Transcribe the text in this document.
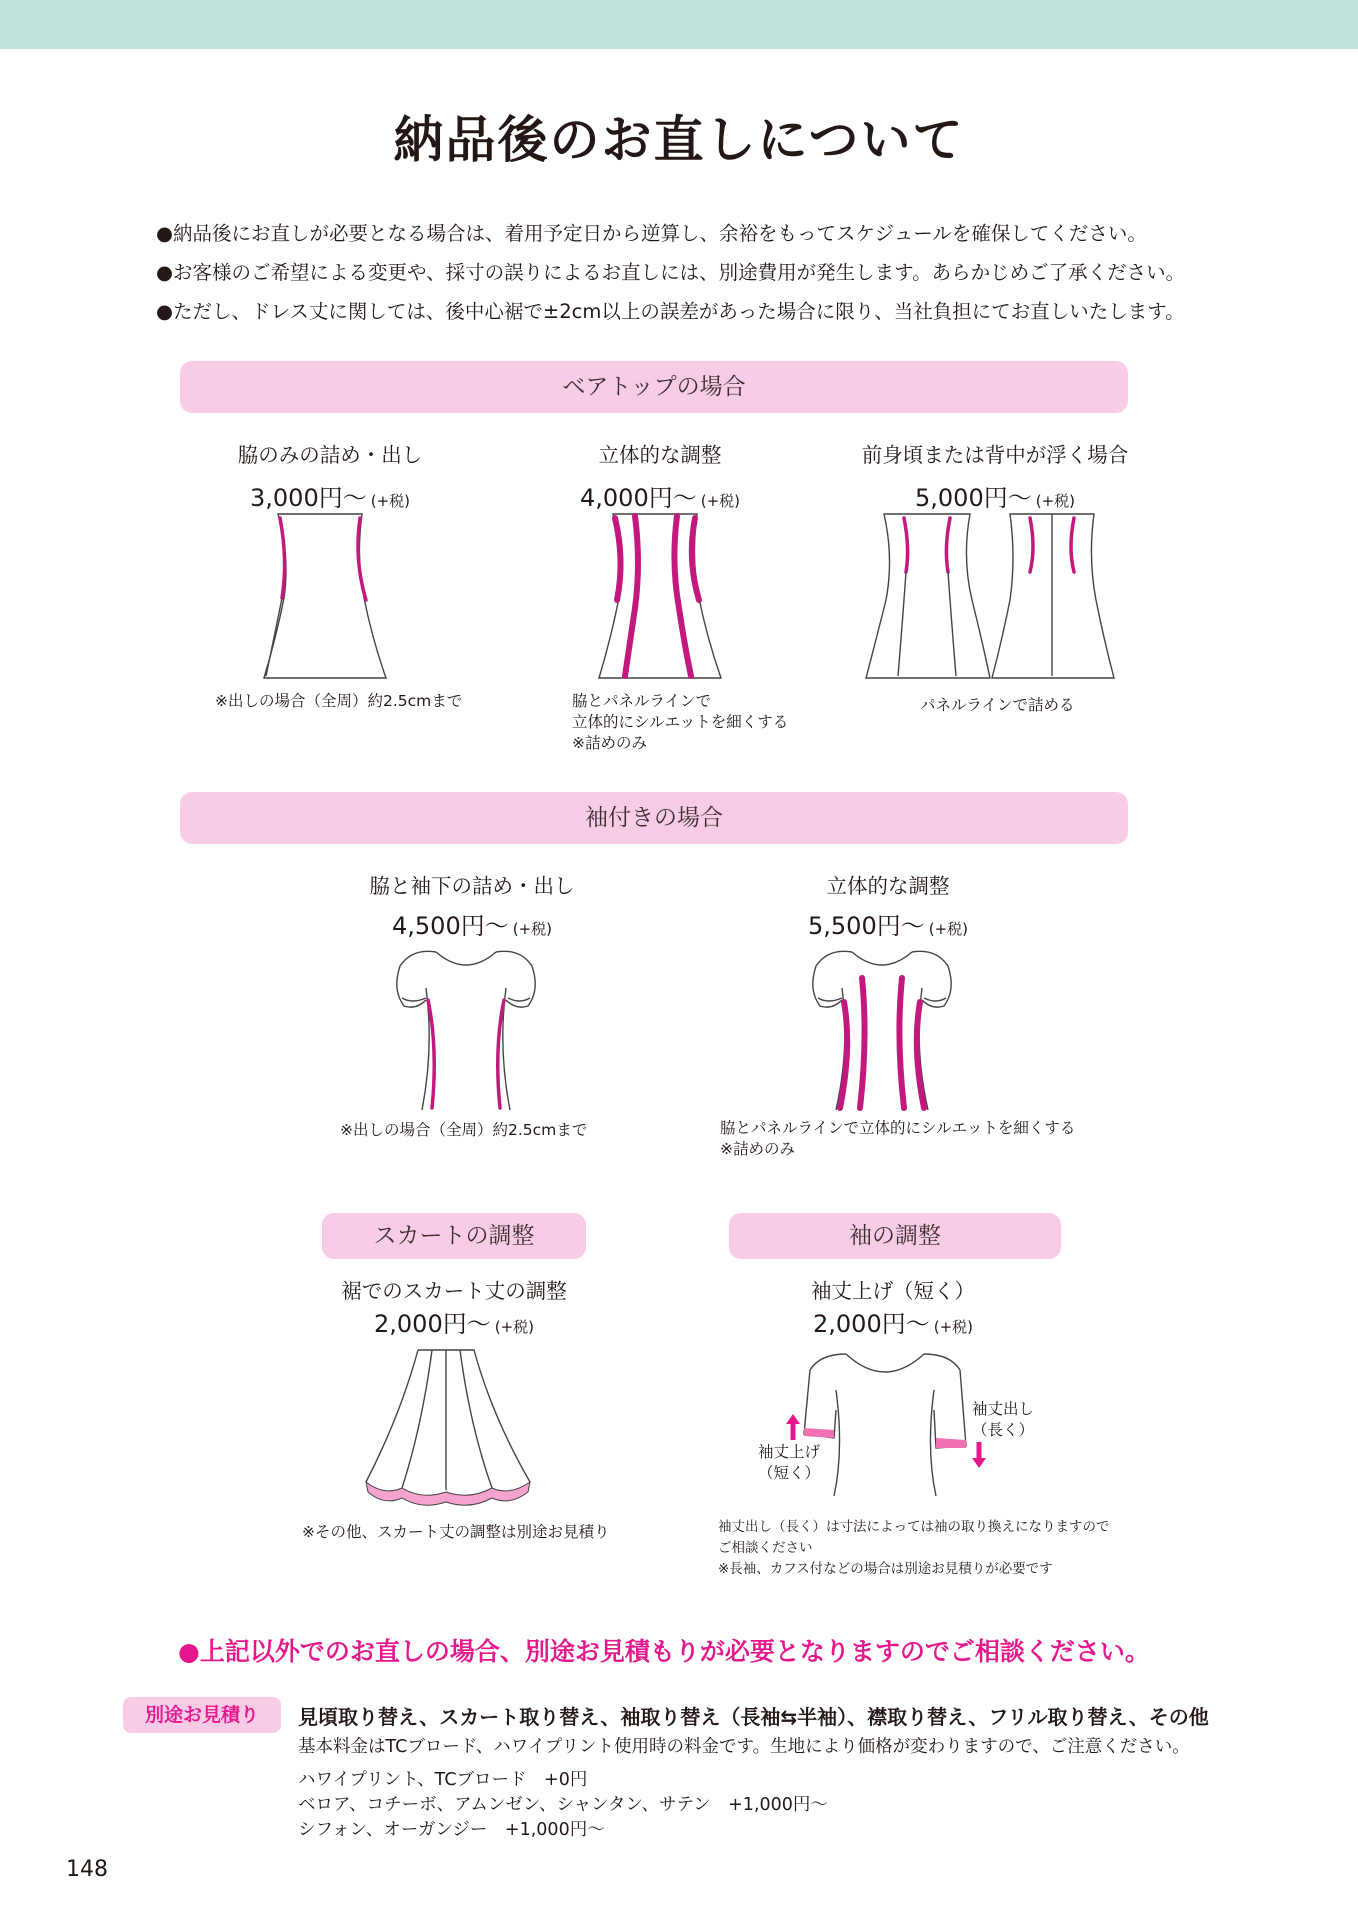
納品後のお直しについて
●納品後にお直しが必要となる場合は、着用予定日から逆算し、余裕をもってスケジュールを確保してください。
●お客様のご希望による変更や、採寸の誤りによるお直しには、別途費用が発生します。あらかじめご了承ください。
●ただし、ドレス丈に関しては、後中心裾で±2cm以上の誤差があった場合に限り、当社負担にてお直しいたします。
ベアトップの場合
脇のみの詰め・出し
3,000円〜 (+税)
立体的な調整
4,000円〜 (+税)
前身頃または背中が浮く場合
5,000円〜 (+税)
※出しの場合（全周）約2.5cmまで	脇とパネルラインで
立体的にシルエットを細くする
※詰めのみ
パネルラインで詰める
袖付きの場合
脇と袖下の詰め・出し
4,500円〜 (+税)
立体的な調整
5,500円〜 (+税)
※出しの場合（全周）約2.5cmまで	脇とパネルラインで立体的にシルエットを細くする
※詰めのみ
スカートの調整	袖の調整
裾でのスカート丈の調整
2,000円〜 (+税)
袖丈上げ（短く）
2,000円〜 (+税)
袖丈上げ
（短く）
袖丈出し
（長く）
※その他、スカート丈の調整は別途お見積り	袖丈出し（長く）は寸法によっては袖の取り換えになりますので
ご相談ください
※長袖、カフス付などの場合は別途お見積りが必要です
●上記以外でのお直しの場合、別途お見積もりが必要となりますのでご相談ください。
別途お見積り	見頃取り替え、スカート取り替え、袖取り替え（長袖⇆半袖）、襟取り替え、フリル取り替え、その他
基本料金はTCブロード、ハワイプリント使用時の料金です。生地により価格が変わりますので、ご注意ください。
ハワイプリント、TCブロード　+0円
ベロア、コチーボ、アムンゼン、シャンタン、サテン　+1,000円〜
シフォン、オーガンジー　+1,000円〜
148
